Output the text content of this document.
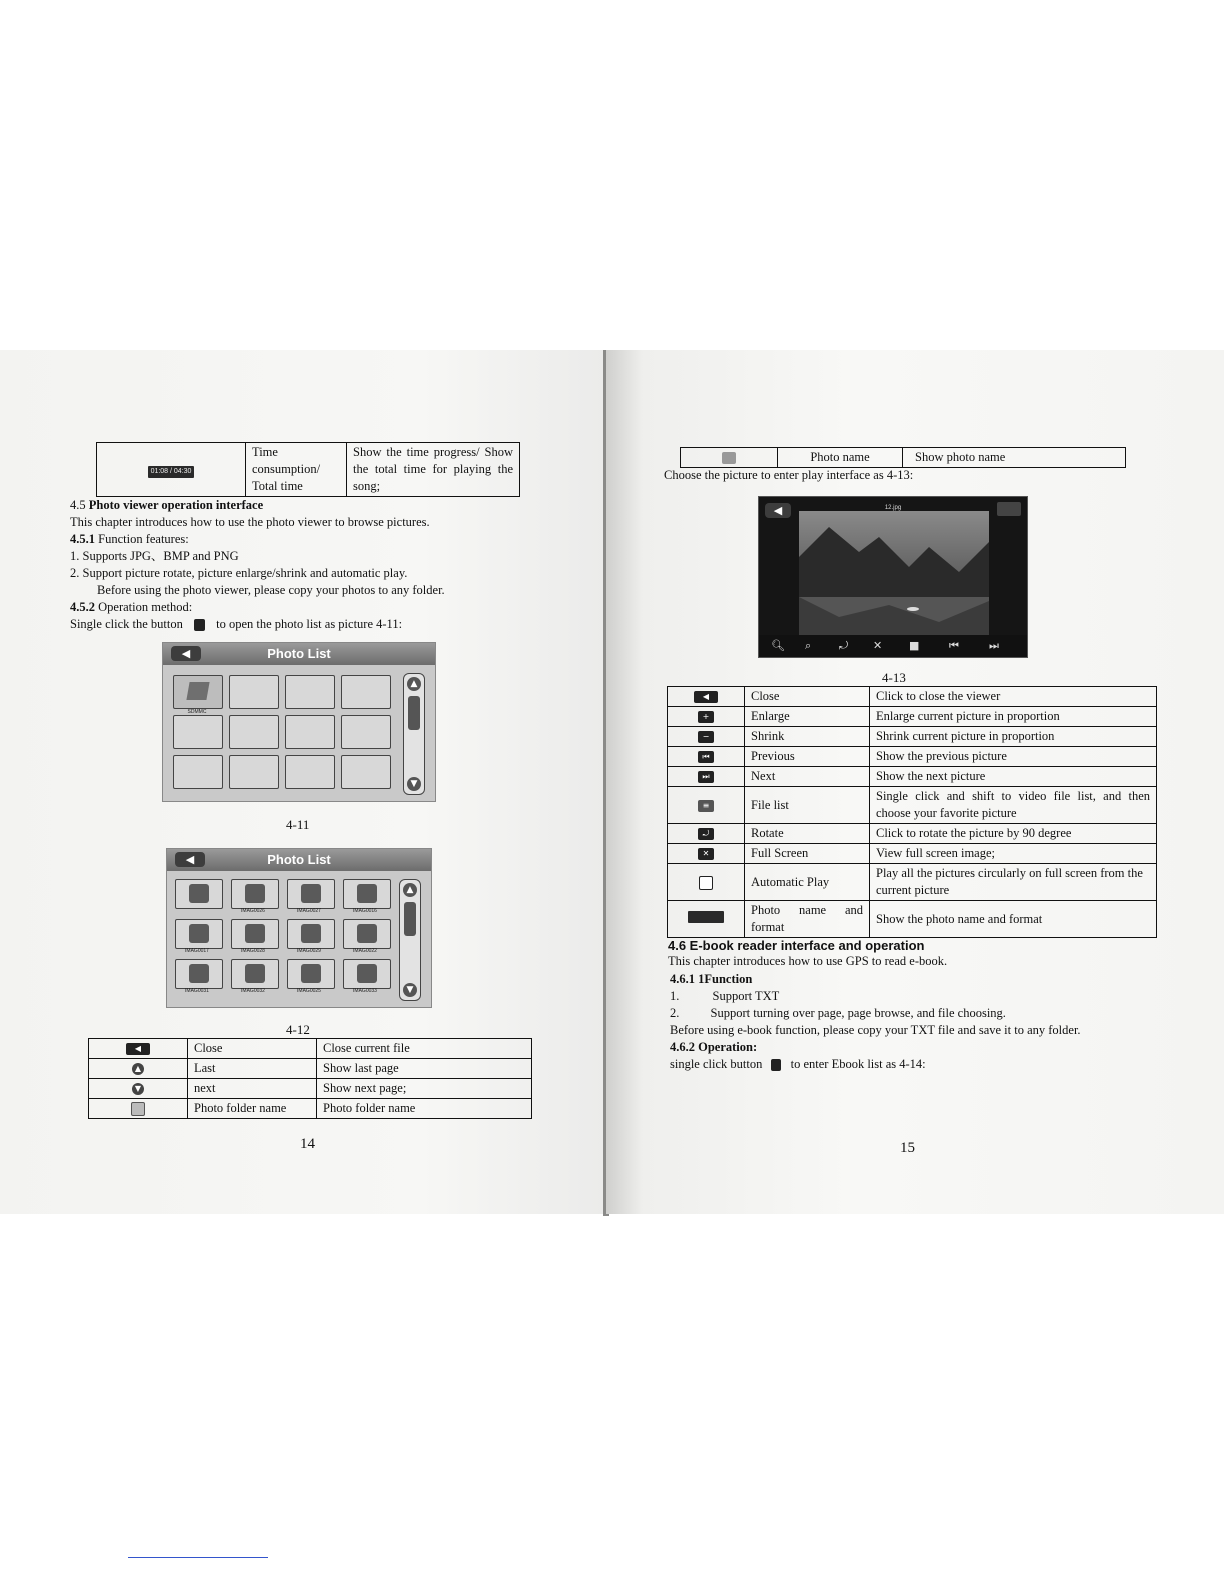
01:08 / 04:30	Time consumption/ Total time	Show the time progress/ Show the total time for playing the song;
4.5 Photo viewer operation interface
This chapter introduces how to use the photo viewer to browse pictures.
4.5.1 Function features:
1. Supports JPG、BMP and PNG
2. Support picture rotate, picture enlarge/shrink and automatic play.
Before using the photo viewer, please copy your photos to any folder.
4.5.2 Operation method:
Single click the button	to open the photo list as picture 4-11:
◀	Photo List
SDMMC
▲
▼
4-11
◀	Photo List
IMAG0026	IMAG0027	IMAG0016
IMAG0017	IMAG0028	IMAG0029	IMAG0022
IMAG0031	IMAG0032	IMAG0025	IMAG0033
▲
▼
4-12
◀	Close	Close current file
▲	Last	Show last page
▼	next	Show next page;
	Photo folder name	Photo folder name
14
	Photo name	Show photo name
Choose the picture to enter play interface as 4-13:
◀	12.jpg
🔍︎ ⌕	⤾ ✕ ■	⏮	⏭
4-13
◀	Close	Click to close the viewer
+	Enlarge	Enlarge current picture in proportion
−	Shrink	Shrink current picture in proportion
⏮	Previous	Show the previous picture
⏭	Next	Show the next picture
≡	File list	Single click and shift to video file list, and then choose your favorite picture
⤾	Rotate	Click to rotate the picture by 90 degree
✕	Full Screen	View full screen image;
	Automatic Play	Play all the pictures circularly on full screen from the current picture
	Photo name and format	Show the photo name and format
4.6 E-book reader interface and operation
This chapter introduces how to use GPS to read e-book.
4.6.1 1Function
1.	Support TXT
2. Support turning over page, page browse, and file choosing.
Before using e-book function, please copy your TXT file and save it to any folder.
4.6.2 Operation:
single click button to enter Ebook list as 4-14:
15
